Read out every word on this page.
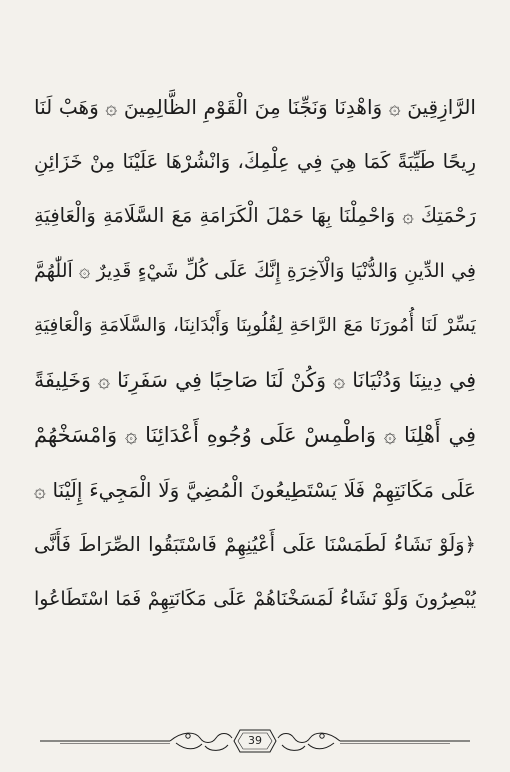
الرَّازِقِينَ ۞ وَاهْدِنَا وَنَجِّنَا مِنَ الْقَوْمِ الظَّالِمِينَ ۞ وَهَبْ لَنَا
رِيحًا طَيِّبَةً كَمَا هِيَ فِي عِلْمِكَ، وَانْشُرْهَا عَلَيْنَا مِنْ خَزَائِنِ
رَحْمَتِكَ ۞ وَاحْمِلْنَا بِهَا حَمْلَ الْكَرَامَةِ مَعَ السَّلَامَةِ وَالْعَافِيَةِ
فِي الدِّينِ وَالدُّنْيَا وَالْآخِرَةِ إِنَّكَ عَلَى كُلِّ شَيْءٍ قَدِيرٌ ۞ اَللّٰهُمَّ
يَسِّرْ لَنَا أُمُورَنَا مَعَ الرَّاحَةِ لِقُلُوبِنَا وَأَبْدَانِنَا، وَالسَّلَامَةِ وَالْعَافِيَةِ
فِي دِينِنَا وَدُنْيَانَا ۞ وَكُنْ لَنَا صَاحِبًا فِي سَفَرِنَا ۞ وَخَلِيفَةً
فِي أَهْلِنَا ۞ وَاطْمِسْ عَلَى وُجُوهِ أَعْدَائِنَا ۞ وَامْسَخْهُمْ
عَلَى مَكَانَتِهِمْ فَلَا يَسْتَطِيعُونَ الْمُضِيَّ وَلَا الْمَجِيءَ إِلَيْنَا ۞
﴿وَلَوْ نَشَاءُ لَطَمَسْنَا عَلَى أَعْيُنِهِمْ فَاسْتَبَقُوا الصِّرَاطَ فَأَنَّى
يُبْصِرُونَ وَلَوْ نَشَاءُ لَمَسَخْنَاهُمْ عَلَى مَكَانَتِهِمْ فَمَا اسْتَطَاعُوا
39
